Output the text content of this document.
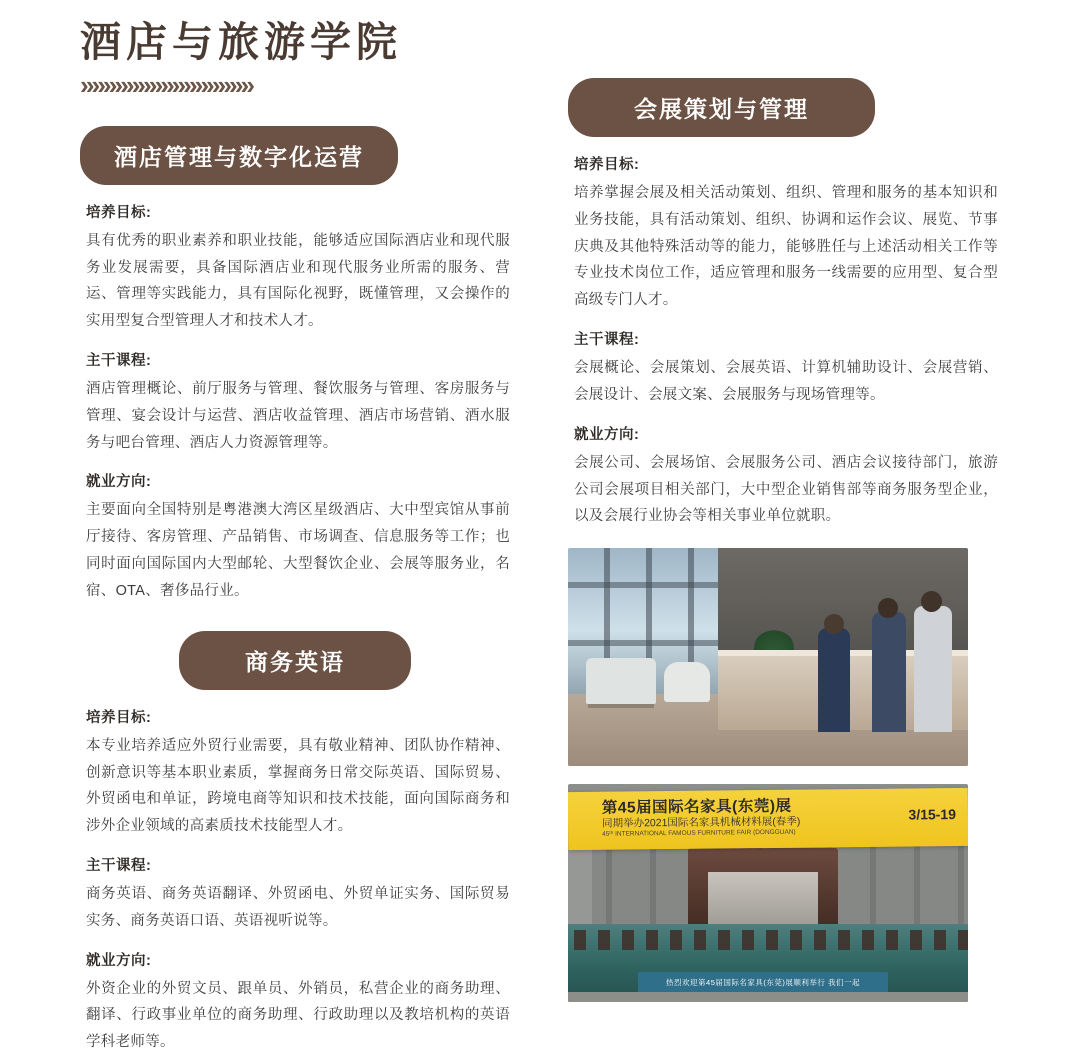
酒店与旅游学院
»»»»»»»»»»»»»»»
酒店管理与数字化运营
培养目标:

具有优秀的职业素养和职业技能，能够适应国际酒店业和现代服务业发展需要，具备国际酒店业和现代服务业所需的服务、营运、管理等实践能力，具有国际化视野，既懂管理，又会操作的实用型复合型管理人才和技术人才。

主干课程:

酒店管理概论、前厅服务与管理、餐饮服务与管理、客房服务与管理、宴会设计与运营、酒店收益管理、酒店市场营销、酒水服务与吧台管理、酒店人力资源管理等。

就业方向:

主要面向全国特别是粤港澳大湾区星级酒店、大中型宾馆从事前厅接待、客房管理、产品销售、市场调查、信息服务等工作；也同时面向国际国内大型邮轮、大型餐饮企业、会展等服务业，名宿、OTA、奢侈品行业。

商务英语
培养目标:

本专业培养适应外贸行业需要，具有敬业精神、团队协作精神、创新意识等基本职业素质，掌握商务日常交际英语、国际贸易、外贸函电和单证，跨境电商等知识和技术技能，面向国际商务和涉外企业领域的高素质技术技能型人才。

主干课程:

商务英语、商务英语翻译、外贸函电、外贸单证实务、国际贸易实务、商务英语口语、英语视听说等。

就业方向:

外资企业的外贸文员、跟单员、外销员，私营企业的商务助理、翻译、行政事业单位的商务助理、行政助理以及教培机构的英语学科老师等。

会展策划与管理
培养目标:

培养掌握会展及相关活动策划、组织、管理和服务的基本知识和业务技能，具有活动策划、组织、协调和运作会议、展览、节事庆典及其他特殊活动等的能力，能够胜任与上述活动相关工作等专业技术岗位工作，适应管理和服务一线需要的应用型、复合型高级专门人才。

主干课程:

会展概论、会展策划、会展英语、计算机辅助设计、会展营销、会展设计、会展文案、会展服务与现场管理等。

就业方向:

会展公司、会展场馆、会展服务公司、酒店会议接待部门，旅游公司会展项目相关部门，大中型企业销售部等商务服务型企业，以及会展行业协会等相关事业单位就职。

第45届国际名家具(东莞)展
同期举办2021国际名家具机械材料展(春季)
45ᵗʰ INTERNATIONAL FAMOUS FURNITURE FAIR (DONGGUAN)
3/15-19
热烈欢迎第45届国际名家具(东莞)展顺利举行 我们一起
